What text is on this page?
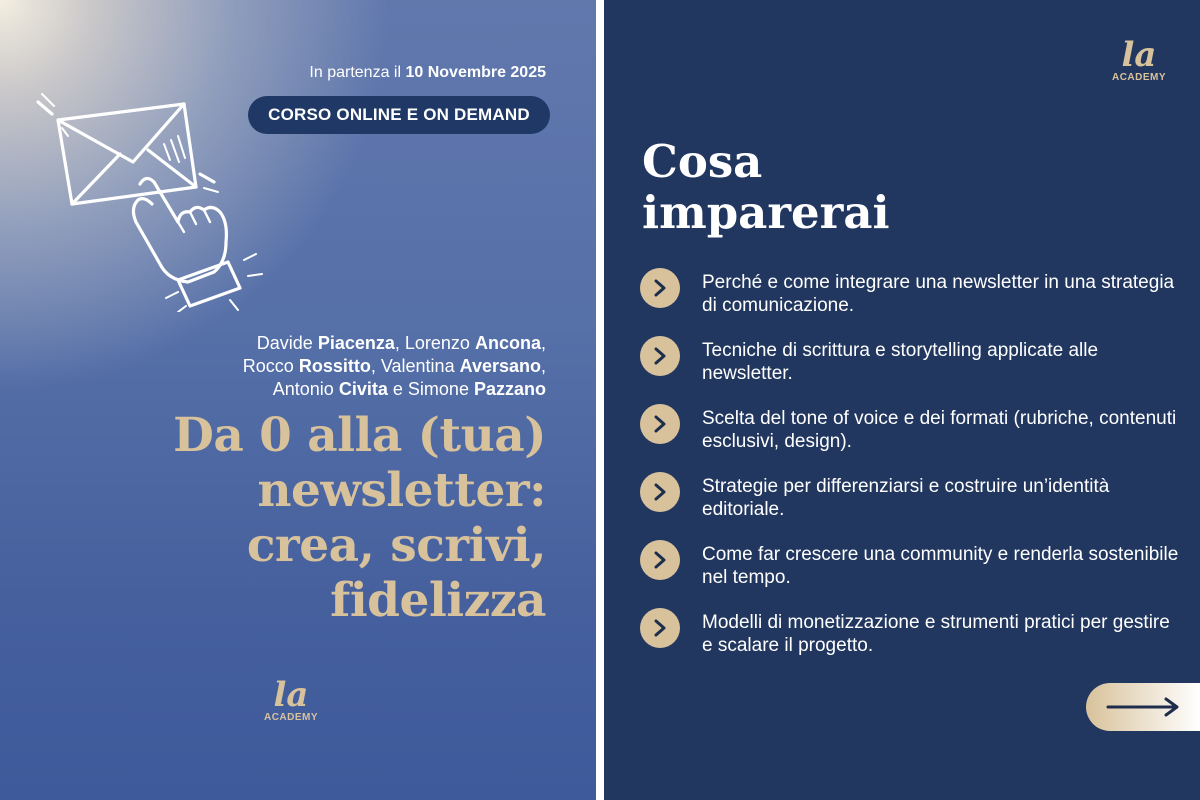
In partenza il 10 Novembre 2025
CORSO ONLINE E ON DEMAND
Davide Piacenza, Lorenzo Ancona,
Rocco Rossitto, Valentina Aversano,
Antonio Civita e Simone Pazzano
Da 0 alla (tua)
newsletter:
crea, scrivi,
fidelizza
la
ACADEMY
la
ACADEMY
Cosa
imparerai
Perché e come integrare una newsletter in una strategia di comunicazione.
Tecniche di scrittura e storytelling applicate alle newsletter.
Scelta del tone of voice e dei formati (rubriche, contenuti esclusivi, design).
Strategie per differenziarsi e costruire un’identità editoriale.
Come far crescere una community e renderla sostenibile nel tempo.
Modelli di monetizzazione e strumenti pratici per gestire e scalare il progetto.
